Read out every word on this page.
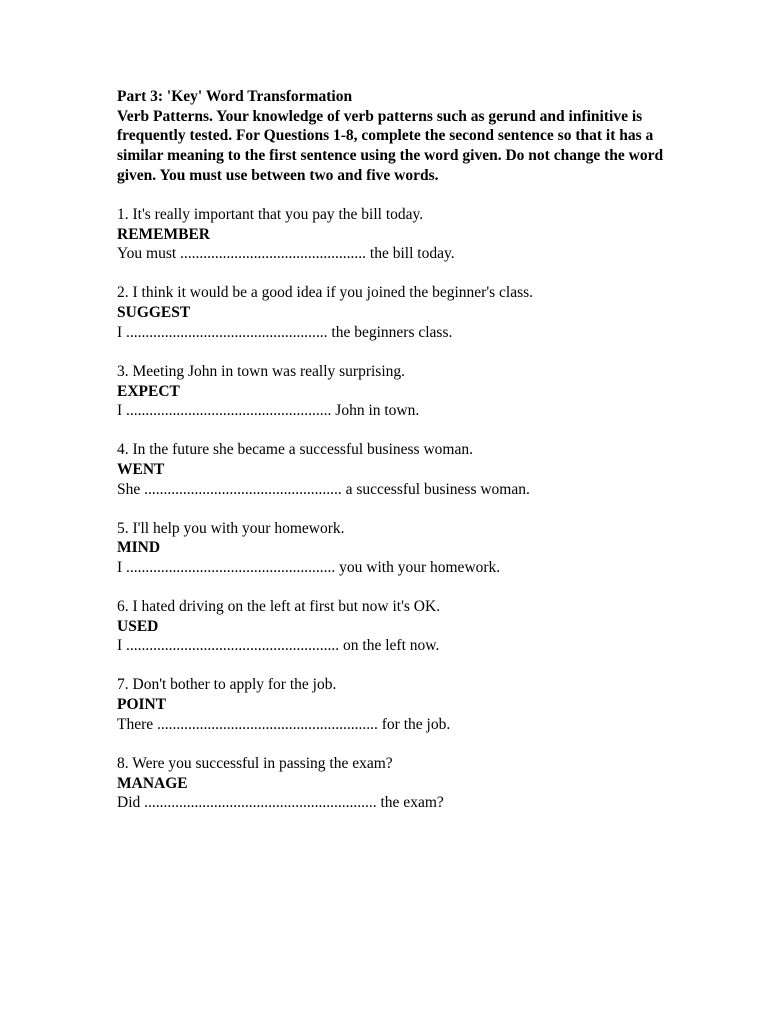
Part 3: 'Key' Word Transformation

Verb Patterns. Your knowledge of verb patterns such as gerund and infinitive is frequently tested. For Questions 1-8, complete the second sentence so that it has a similar meaning to the first sentence using the word given. Do not change the word given. You must use between two and five words.

1. It's really important that you pay the bill today.
REMEMBER
You must ................................................ the bill today.
2. I think it would be a good idea if you joined the beginner's class.
SUGGEST
I .................................................... the beginners class.
3. Meeting John in town was really surprising.
EXPECT
I ..................................................... John in town.
4. In the future she became a successful business woman.
WENT
She ................................................... a successful business woman.
5. I'll help you with your homework.
MIND
I ...................................................... you with your homework.
6. I hated driving on the left at first but now it's OK.
USED
I ....................................................... on the left now.
7. Don't bother to apply for the job.
POINT
There ......................................................... for the job.
8. Were you successful in passing the exam?
MANAGE
Did ............................................................ the exam?
